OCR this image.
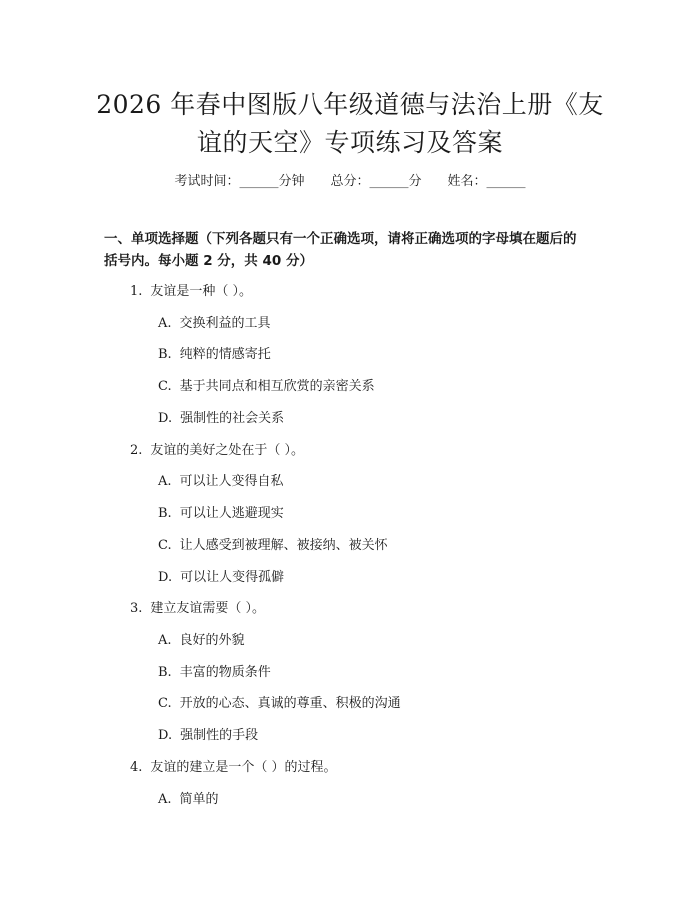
2026 年春中图版八年级道德与法治上册《友
谊的天空》专项练习及答案
考试时间：______分钟 总分：______分 姓名：______
一、单项选择题（下列各题只有一个正确选项，请将正确选项的字母填在题后的
括号内。每小题 2 分，共 40 分）
1. 友谊是一种（ ）。
A. 交换利益的工具
B. 纯粹的情感寄托
C. 基于共同点和相互欣赏的亲密关系
D. 强制性的社会关系
2. 友谊的美好之处在于（ ）。
A. 可以让人变得自私
B. 可以让人逃避现实
C. 让人感受到被理解、被接纳、被关怀
D. 可以让人变得孤僻
3. 建立友谊需要（ ）。
A. 良好的外貌
B. 丰富的物质条件
C. 开放的心态、真诚的尊重、积极的沟通
D. 强制性的手段
4. 友谊的建立是一个（ ）的过程。
A. 简单的
